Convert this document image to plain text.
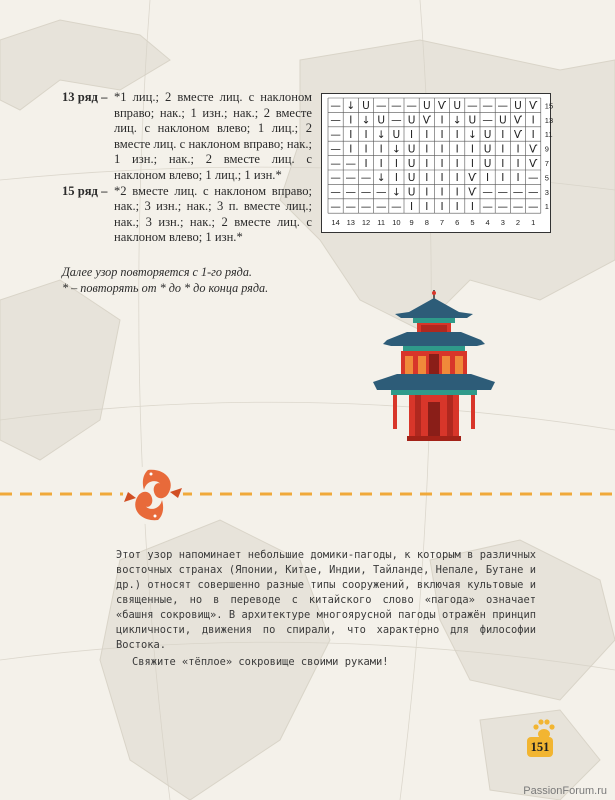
13 ряд – *1 лиц.; 2 вместе лиц. с наклоном вправо; нак.; 1 изн.; нак.; 2 вместе лиц. с наклоном влево; 1 лиц.; 2 вместе лиц. с наклоном вправо; нак.; 1 изн.; нак.; 2 вместе лиц. с наклоном влево; 1 лиц.; 1 изн.*
15 ряд – *2 вместе лиц. с наклоном вправо; нак.; 3 изн.; нак.; 3 п. вместе лиц.; нак.; 3 изн.; нак.; 2 вместе лиц. с наклоном влево; 1 изн.*
Далее узор повторяется с 1-го ряда.
* – повторять от * до * до конца ряда.
— ↓ U — — — U Ѵ U — — — U Ѵ
— I ↓ U — U Ѵ I ↓ U — U Ѵ I
— I I ↓ U I I I I ↓ U I Ѵ I
— I I I ↓ U I I I I U I I Ѵ
— — I I I U I I I I U I I Ѵ
— — — ↓ I U I I I Ѵ I I I —
— — — — ↓ U I I I Ѵ — — — —
— — — — — I I I I I — — — —
15
13
11
9
7
5
3
1
14 13 12 11 10 9 8 7 6 5 4 3 2 1

Этот узор напоминает небольшие домики-пагоды, к которым в различных восточных странах (Японии, Китае, Индии, Тайланде, Непале, Бутане и др.) относят совершенно разные типы сооружений, включая культовые и священные, но в переводе с китайского слово «пагода» означает «башня сокровищ». В архитектуре многоярусной пагоды отражён принцип цикличности, движения по спирали, что характерно для философии Востока.

Свяжите «тёплое» сокровище своими руками!

151
PassionForum.ru
